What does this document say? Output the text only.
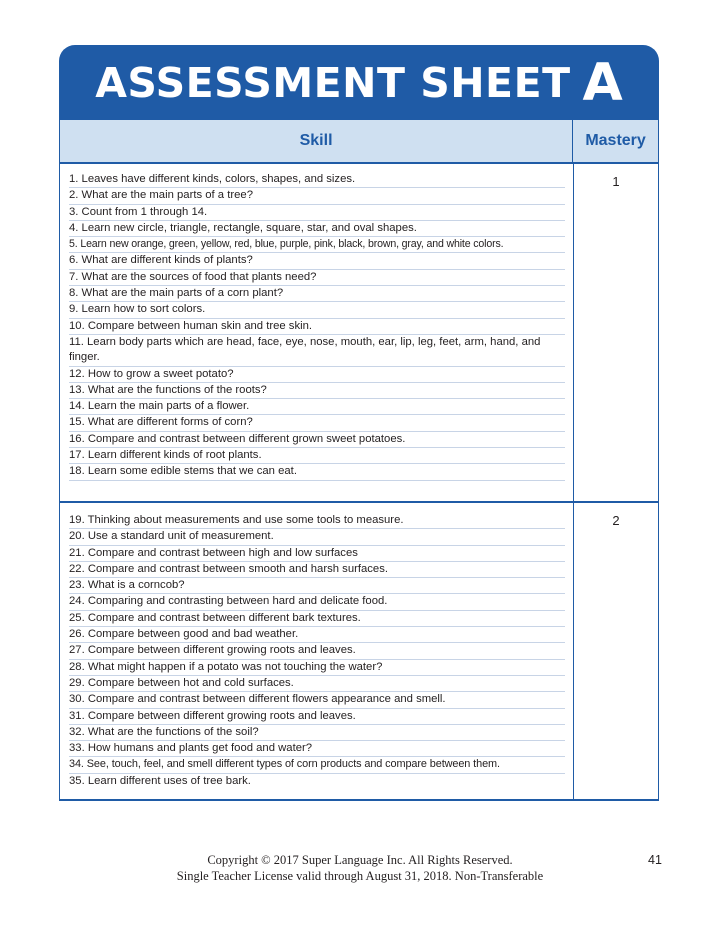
ASSESSMENT SHEET A
Skill	Mastery
1. Leaves have different kinds, colors, shapes, and sizes.
2. What are the main parts of a tree?
3. Count from 1 through 14.
4. Learn new circle, triangle, rectangle, square, star, and oval shapes.
5. Learn new orange, green, yellow, red, blue, purple, pink, black, brown, gray, and white colors.
6. What are different kinds of plants?
7. What are the sources of food that plants need?
8. What are the main parts of a corn plant?
9. Learn how to sort colors.
10. Compare between human skin and tree skin.
11. Learn body parts which are head, face, eye, nose, mouth, ear, lip, leg, feet, arm, hand, and finger.
12. How to grow a sweet potato?
13. What are the functions of the roots?
14. Learn the main parts of a flower.
15. What are different forms of corn?
16. Compare and contrast between different grown sweet potatoes.
17. Learn different kinds of root plants.
18. Learn some edible stems that we can eat.
1
19. Thinking about measurements and use some tools to measure.
20. Use a standard unit of measurement.
21. Compare and contrast between high and low surfaces
22. Compare and contrast between smooth and harsh surfaces.
23. What is a corncob?
24. Comparing and contrasting between hard and delicate food.
25. Compare and contrast between different bark textures.
26. Compare between good and bad weather.
27. Compare between different growing roots and leaves.
28. What might happen if a potato was not touching the water?
29. Compare between hot and cold surfaces.
30. Compare and contrast between different flowers appearance and smell.
31. Compare between different growing roots and leaves.
32. What are the functions of the soil?
33. How humans and plants get food and water?
34. See, touch, feel, and smell different types of corn products and compare between them.
35. Learn different uses of tree bark.
2
Copyright © 2017 Super Language Inc. All Rights Reserved.
Single Teacher License valid through August 31, 2018. Non-Transferable
41
